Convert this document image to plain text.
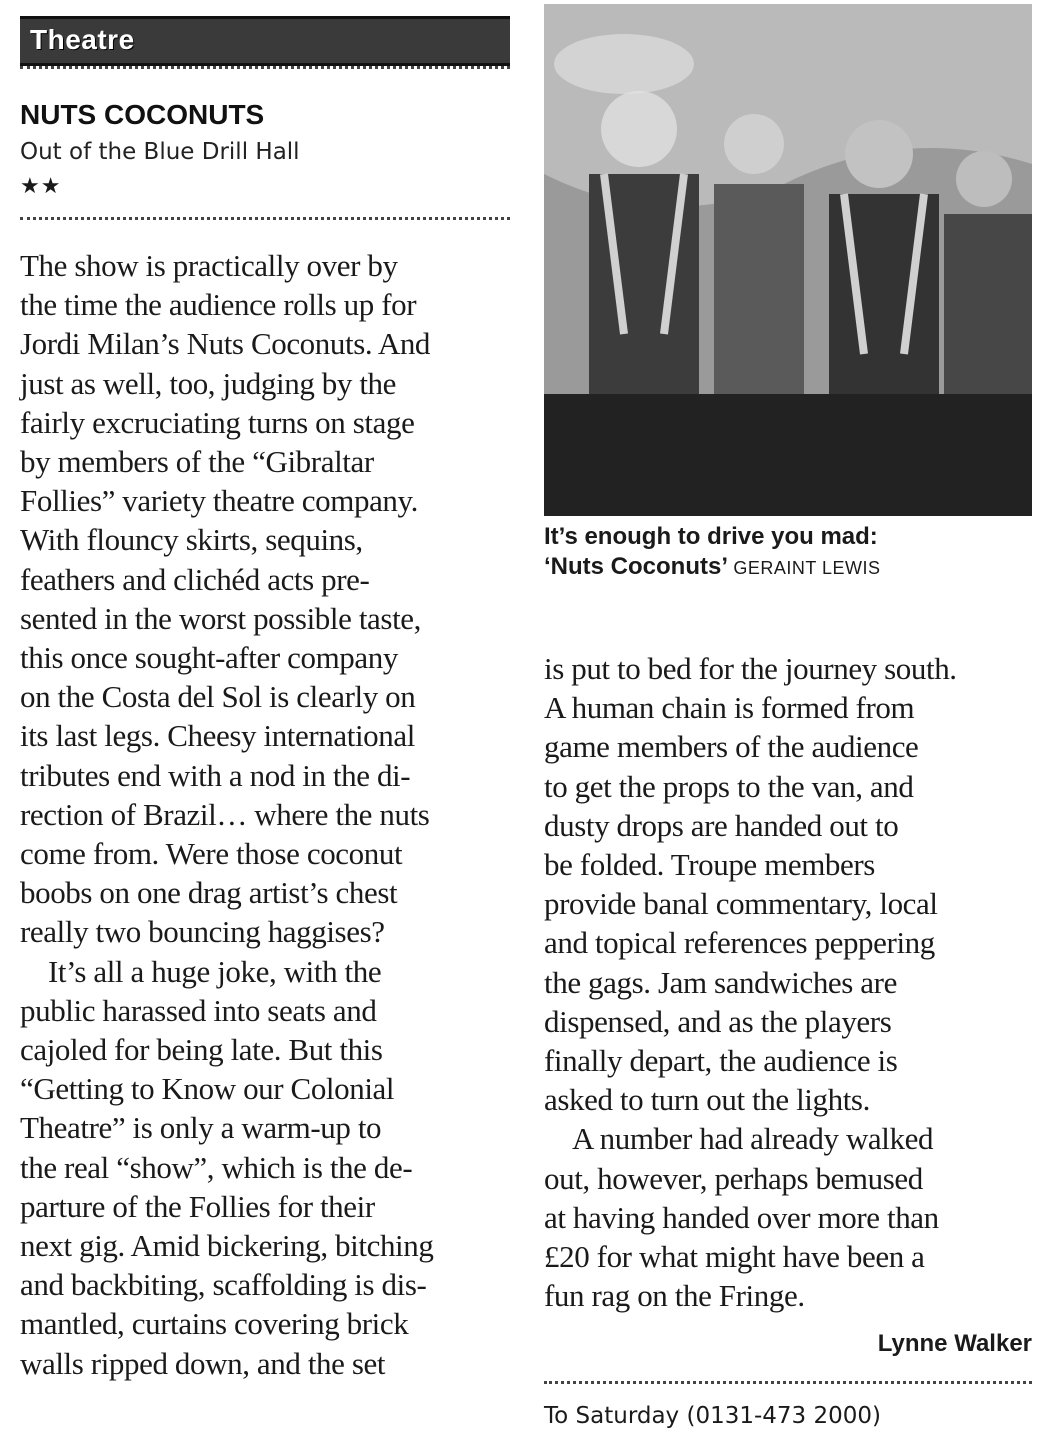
Theatre
NUTS COCONUTS
Out of the Blue Drill Hall
★★
The show is practically over by
the time the audience rolls up for
Jordi Milan’s Nuts Coconuts. And
just as well, too, judging by the
fairly excruciating turns on stage
by members of the “Gibraltar
Follies” variety theatre company.
With flouncy skirts, sequins,
feathers and clichéd acts pre-
sented in the worst possible taste,
this once sought-after company
on the Costa del Sol is clearly on
its last legs. Cheesy international
tributes end with a nod in the di-
rection of Brazil… where the nuts
come from. Were those coconut
boobs on one drag artist’s chest
really two bouncing haggises?
It’s all a huge joke, with the
public harassed into seats and
cajoled for being late. But this
“Getting to Know our Colonial
Theatre” is only a warm-up to
the real “show”, which is the de-
parture of the Follies for their
next gig. Amid bickering, bitching
and backbiting, scaffolding is dis-
mantled, curtains covering brick
walls ripped down, and the set
It’s enough to drive you mad:
‘Nuts Coconuts’ GERAINT LEWIS
is put to bed for the journey south.
A human chain is formed from
game members of the audience
to get the props to the van, and
dusty drops are handed out to
be folded. Troupe members
provide banal commentary, local
and topical references peppering
the gags. Jam sandwiches are
dispensed, and as the players
finally depart, the audience is
asked to turn out the lights.
A number had already walked
out, however, perhaps bemused
at having handed over more than
£20 for what might have been a
fun rag on the Fringe.
Lynne Walker
To Saturday (0131-473 2000)
